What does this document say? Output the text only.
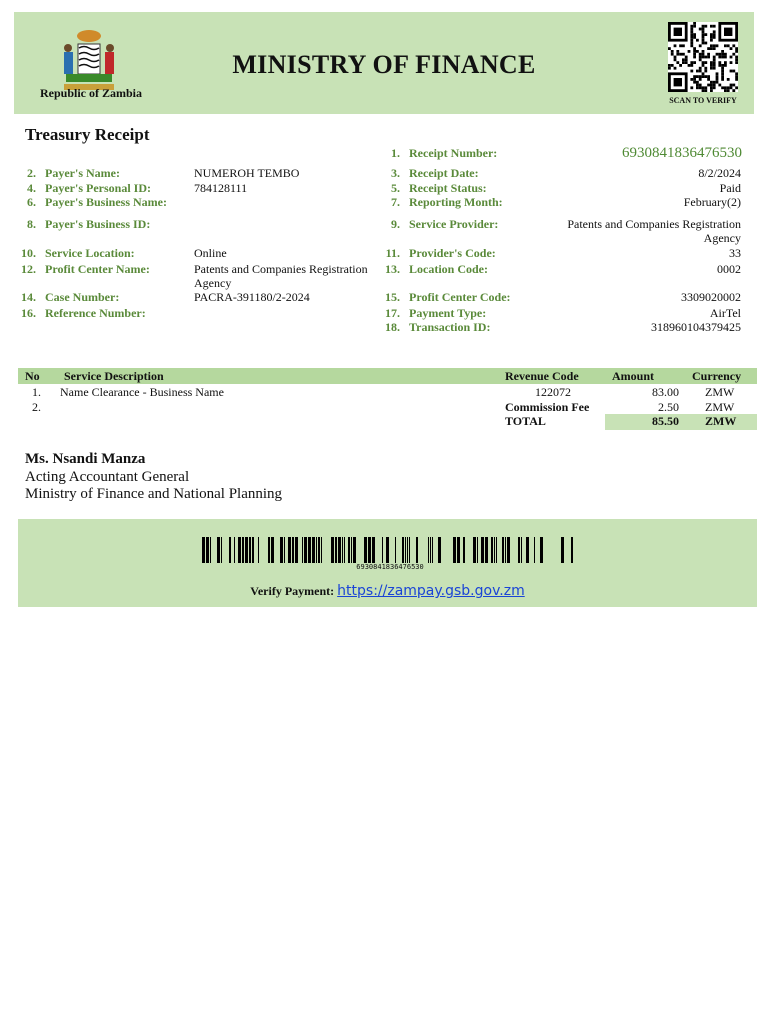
Republic of Zambia
MINISTRY OF FINANCE
SCAN TO VERIFY
Treasury Receipt
1. Receipt Number:	6930841836476530
3. Receipt Date:	8/2/2024
5. Receipt Status:	Paid
7. Reporting Month:	February(2)
9. Service Provider:	Patents and Companies Registration Agency
11. Provider's Code:	33
13. Location Code:	0002
15. Profit Center Code:	3309020002
17. Payment Type:	AirTel
18. Transaction ID:	318960104379425
2. Payer's Name:	NUMEROH TEMBO
4. Payer's Personal ID:	784128111
6. Payer's Business Name:
8. Payer's Business ID:
10. Service Location:	Online
12. Profit Center Name:	Patents and Companies Registration Agency
14. Case Number:	PACRA-391180/2-2024
16. Reference Number:
No Service Description	Revenue Code	Amount	Currency
1. Name Clearance - Business Name	122072	83.00 ZMW
2.	Commission Fee	2.50 ZMW
TOTAL	85.50 ZMW
Ms. Nsandi Manza
Acting Accountant General
Ministry of Finance and National Planning
6930841836476530
Verify Payment: https://zampay.gsb.gov.zm
